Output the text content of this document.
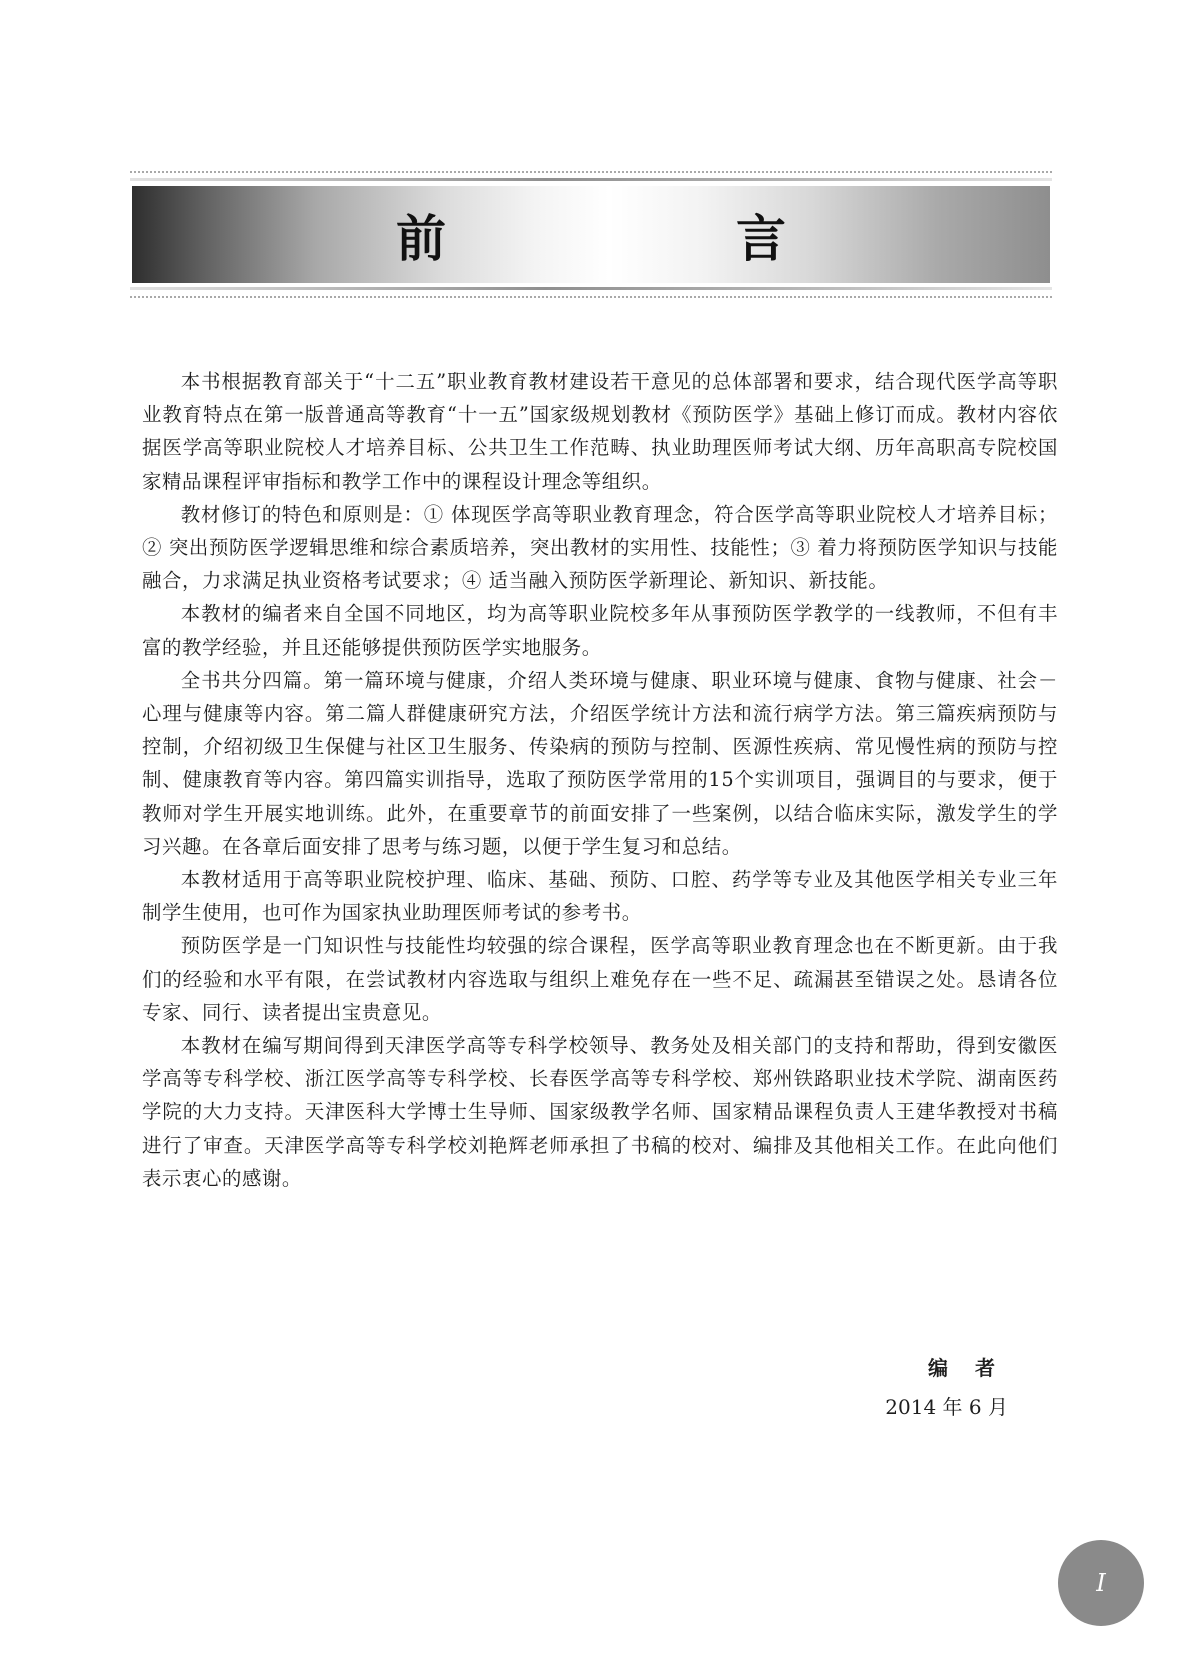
前　言

本书根据教育部关于“十二五”职业教育教材建设若干意见的总体部署和要求，结合现代医学高等职业教育特点在第一版普通高等教育“十一五”国家级规划教材《预防医学》基础上修订而成。教材内容依据医学高等职业院校人才培养目标、公共卫生工作范畴、执业助理医师考试大纲、历年高职高专院校国家精品课程评审指标和教学工作中的课程设计理念等组织。

教材修订的特色和原则是：① 体现医学高等职业教育理念，符合医学高等职业院校人才培养目标；② 突出预防医学逻辑思维和综合素质培养，突出教材的实用性、技能性；③ 着力将预防医学知识与技能融合，力求满足执业资格考试要求；④ 适当融入预防医学新理论、新知识、新技能。

本教材的编者来自全国不同地区，均为高等职业院校多年从事预防医学教学的一线教师，不但有丰富的教学经验，并且还能够提供预防医学实地服务。

全书共分四篇。第一篇环境与健康，介绍人类环境与健康、职业环境与健康、食物与健康、社会－心理与健康等内容。第二篇人群健康研究方法，介绍医学统计方法和流行病学方法。第三篇疾病预防与控制，介绍初级卫生保健与社区卫生服务、传染病的预防与控制、医源性疾病、常见慢性病的预防与控制、健康教育等内容。第四篇实训指导，选取了预防医学常用的15个实训项目，强调目的与要求，便于教师对学生开展实地训练。此外，在重要章节的前面安排了一些案例，以结合临床实际，激发学生的学习兴趣。在各章后面安排了思考与练习题，以便于学生复习和总结。

本教材适用于高等职业院校护理、临床、基础、预防、口腔、药学等专业及其他医学相关专业三年制学生使用，也可作为国家执业助理医师考试的参考书。

预防医学是一门知识性与技能性均较强的综合课程，医学高等职业教育理念也在不断更新。由于我们的经验和水平有限，在尝试教材内容选取与组织上难免存在一些不足、疏漏甚至错误之处。恳请各位专家、同行、读者提出宝贵意见。

本教材在编写期间得到天津医学高等专科学校领导、教务处及相关部门的支持和帮助，得到安徽医学高等专科学校、浙江医学高等专科学校、长春医学高等专科学校、郑州铁路职业技术学院、湖南医药学院的大力支持。天津医科大学博士生导师、国家级教学名师、国家精品课程负责人王建华教授对书稿进行了审查。天津医学高等专科学校刘艳辉老师承担了书稿的校对、编排及其他相关工作。在此向他们表示衷心的感谢。

编 者
2014 年 6 月
I
